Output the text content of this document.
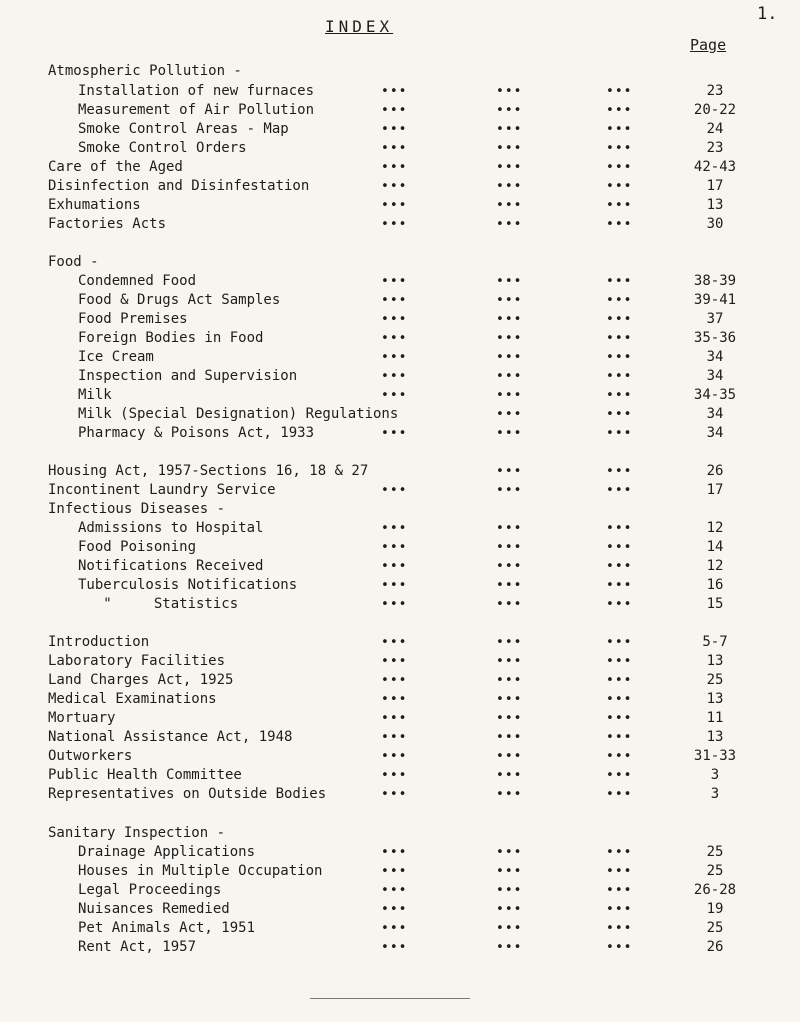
1.
INDEX
Page
Atmospheric Pollution -
Installation of new furnaces	•••	•••	•••	23
Measurement of Air Pollution	•••	•••	•••	20-22
Smoke Control Areas - Map	•••	•••	•••	24
Smoke Control Orders	•••	•••	•••	23
Care of the Aged	•••	•••	•••	42-43
Disinfection and Disinfestation	•••	•••	•••	17
Exhumations	•••	•••	•••	13
Factories Acts	•••	•••	•••	30
Food -
Condemned Food	•••	•••	•••	38-39
Food & Drugs Act Samples	•••	•••	•••	39-41
Food Premises	•••	•••	•••	37
Foreign Bodies in Food	•••	•••	•••	35-36
Ice Cream	•••	•••	•••	34
Inspection and Supervision	•••	•••	•••	34
Milk	•••	•••	•••	34-35
Milk (Special Designation) Regulations	•••	•••	34
Pharmacy & Poisons Act, 1933	•••	•••	•••	34
Housing Act, 1957-Sections 16, 18 & 27	•••	•••	26
Incontinent Laundry Service	•••	•••	•••	17
Infectious Diseases -
Admissions to Hospital	•••	•••	•••	12
Food Poisoning	•••	•••	•••	14
Notifications Received	•••	•••	•••	12
Tuberculosis Notifications	•••	•••	•••	16
"     Statistics	•••	•••	•••	15
Introduction	•••	•••	•••	5-7
Laboratory Facilities	•••	•••	•••	13
Land Charges Act, 1925	•••	•••	•••	25
Medical Examinations	•••	•••	•••	13
Mortuary	•••	•••	•••	11
National Assistance Act, 1948	•••	•••	•••	13
Outworkers	•••	•••	•••	31-33
Public Health Committee	•••	•••	•••	3
Representatives on Outside Bodies	•••	•••	•••	3
Sanitary Inspection -
Drainage Applications	•••	•••	•••	25
Houses in Multiple Occupation	•••	•••	•••	25
Legal Proceedings	•••	•••	•••	26-28
Nuisances Remedied	•••	•••	•••	19
Pet Animals Act, 1951	•••	•••	•••	25
Rent Act, 1957	•••	•••	•••	26
